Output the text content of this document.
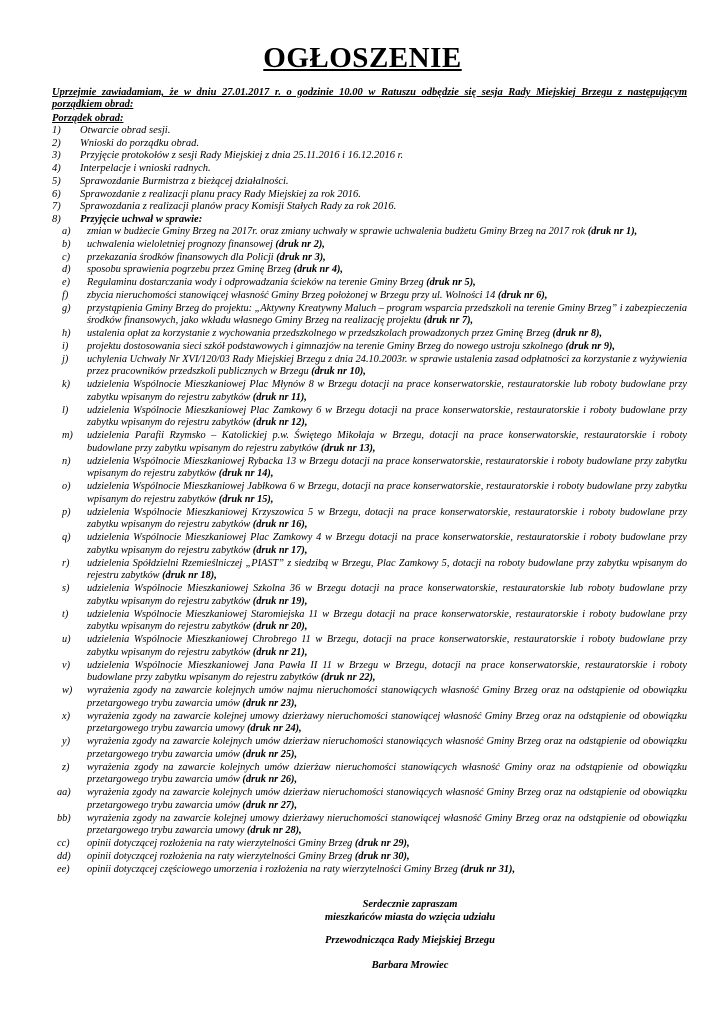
OGŁOSZENIE
Uprzejmie zawiadamiam, że w dniu 27.01.2017 r. o godzinie 10.00 w Ratuszu odbędzie się sesja Rady Miejskiej Brzegu z następującym
porządkiem obrad:
Porządek obrad:
1) Otwarcie obrad sesji.
2) Wnioski do porządku obrad.
3) Przyjęcie protokołów z sesji Rady Miejskiej z dnia 25.11.2016 i 16.12.2016 r.
4) Interpelacje i wnioski radnych.
5) Sprawozdanie Burmistrza z bieżącej działalności.
6) Sprawozdanie z realizacji planu pracy Rady Miejskiej za rok 2016.
7) Sprawozdania z realizacji planów pracy Komisji Stałych Rady za rok 2016.
8) Przyjęcie uchwał w sprawie:
a) zmian w budżecie Gminy Brzeg na 2017r. oraz zmiany uchwały w sprawie uchwalenia budżetu Gminy Brzeg na 2017 rok (druk nr 1),
b) uchwalenia wieloletniej prognozy finansowej (druk nr 2),
c) przekazania środków finansowych dla Policji (druk nr 3),
d) sposobu sprawienia pogrzebu przez Gminę Brzeg (druk nr 4),
e) Regulaminu dostarczania wody i odprowadzania ścieków na terenie Gminy Brzeg (druk nr 5),
f) zbycia nieruchomości stanowiącej własność Gminy Brzeg położonej w Brzegu przy ul. Wolności 14 (druk nr 6),
g) przystąpienia Gminy Brzeg do projektu: „Aktywny Kreatywny Maluch – program wsparcia przedszkoli na terenie Gminy Brzeg” i zabezpieczenia środków finansowych, jako wkładu własnego Gminy Brzeg na realizację projektu (druk nr 7),
h) ustalenia opłat za korzystanie z wychowania przedszkolnego w przedszkolach prowadzonych przez Gminę Brzeg (druk nr 8),
i) projektu dostosowania sieci szkół podstawowych i gimnazjów na terenie Gminy Brzeg do nowego ustroju szkolnego (druk nr 9),
j) uchylenia Uchwały Nr XVI/120/03 Rady Miejskiej Brzegu z dnia 24.10.2003r. w sprawie ustalenia zasad odpłatności za korzystanie z wyżywienia przez pracowników przedszkoli publicznych w Brzegu (druk nr 10),
k) udzielenia Wspólnocie Mieszkaniowej Plac Młynów 8 w Brzegu dotacji na prace konserwatorskie, restauratorskie lub roboty budowlane przy zabytku wpisanym do rejestru zabytków (druk nr 11),
l) udzielenia Wspólnocie Mieszkaniowej Plac Zamkowy 6 w Brzegu dotacji na prace konserwatorskie, restauratorskie i roboty budowlane przy zabytku wpisanym do rejestru zabytków (druk nr 12),
m) udzielenia Parafii Rzymsko – Katolickiej p.w. Świętego Mikołaja w Brzegu, dotacji na prace konserwatorskie, restauratorskie i roboty budowlane przy zabytku wpisanym do rejestru zabytków (druk nr 13),
n) udzielenia Wspólnocie Mieszkaniowej Rybacka 13 w Brzegu dotacji na prace konserwatorskie, restauratorskie i roboty budowlane przy zabytku wpisanym do rejestru zabytków (druk nr 14),
o) udzielenia Wspólnocie Mieszkaniowej Jabłkowa 6 w Brzegu, dotacji na prace konserwatorskie, restauratorskie i roboty budowlane przy zabytku wpisanym do rejestru zabytków (druk nr 15),
p) udzielenia Wspólnocie Mieszkaniowej Krzyszowica 5 w Brzegu, dotacji na prace konserwatorskie, restauratorskie i roboty budowlane przy zabytku wpisanym do rejestru zabytków (druk nr 16),
q) udzielenia Wspólnocie Mieszkaniowej Plac Zamkowy 4 w Brzegu dotacji na prace konserwatorskie, restauratorskie i roboty budowlane przy zabytku wpisanym do rejestru zabytków (druk nr 17),
r) udzielenia Spółdzielni Rzemieślniczej „PIAST” z siedzibą w Brzegu, Plac Zamkowy 5, dotacji na roboty budowlane przy zabytku wpisanym do rejestru zabytków (druk nr 18),
s) udzielenia Wspólnocie Mieszkaniowej Szkolna 36 w Brzegu dotacji na prace konserwatorskie, restauratorskie lub roboty budowlane przy zabytku wpisanym do rejestru zabytków (druk nr 19),
t) udzielenia Wspólnocie Mieszkaniowej Staromiejska 11 w Brzegu dotacji na prace konserwatorskie, restauratorskie i roboty budowlane przy zabytku wpisanym do rejestru zabytków (druk nr 20),
u) udzielenia Wspólnocie Mieszkaniowej Chrobrego 11 w Brzegu, dotacji na prace konserwatorskie, restauratorskie i roboty budowlane przy zabytku wpisanym do rejestru zabytków (druk nr 21),
v) udzielenia Wspólnocie Mieszkaniowej Jana Pawła II 11 w Brzegu w Brzegu, dotacji na prace konserwatorskie, restauratorskie i roboty budowlane przy zabytku wpisanym do rejestru zabytków (druk nr 22),
w) wyrażenia zgody na zawarcie kolejnych umów najmu nieruchomości stanowiących własność Gminy Brzeg oraz na odstąpienie od obowiązku przetargowego trybu zawarcia umów (druk nr 23),
x) wyrażenia zgody na zawarcie kolejnej umowy dzierżawy nieruchomości stanowiącej własność Gminy Brzeg oraz na odstąpienie od obowiązku przetargowego trybu zawarcia umowy (druk nr 24),
y) wyrażenia zgody na zawarcie kolejnych umów dzierżaw nieruchomości stanowiących własność Gminy Brzeg oraz na odstąpienie od obowiązku przetargowego trybu zawarcia umów (druk nr 25),
z) wyrażenia zgody na zawarcie kolejnych umów dzierżaw nieruchomości stanowiących własność Gminy oraz na odstąpienie od obowiązku przetargowego trybu zawarcia umów (druk nr 26),
aa) wyrażenia zgody na zawarcie kolejnych umów dzierżaw nieruchomości stanowiących własność Gminy Brzeg oraz na odstąpienie od obowiązku przetargowego trybu zawarcia umów (druk nr 27),
bb) wyrażenia zgody na zawarcie kolejnej umowy dzierżawy nieruchomości stanowiącej własność Gminy Brzeg oraz na odstąpienie od obowiązku przetargowego trybu zawarcia umowy (druk nr 28),
cc) opinii dotyczącej rozłożenia na raty wierzytelności Gminy Brzeg (druk nr 29),
dd) opinii dotyczącej rozłożenia na raty wierzytelności Gminy Brzeg (druk nr 30),
ee) opinii dotyczącej częściowego umorzenia i rozłożenia na raty wierzytelności Gminy Brzeg (druk nr 31),
Serdecznie zapraszam
mieszkańców miasta do wzięcia udziału
Przewodnicząca Rady Miejskiej Brzegu
Barbara Mrowiec
